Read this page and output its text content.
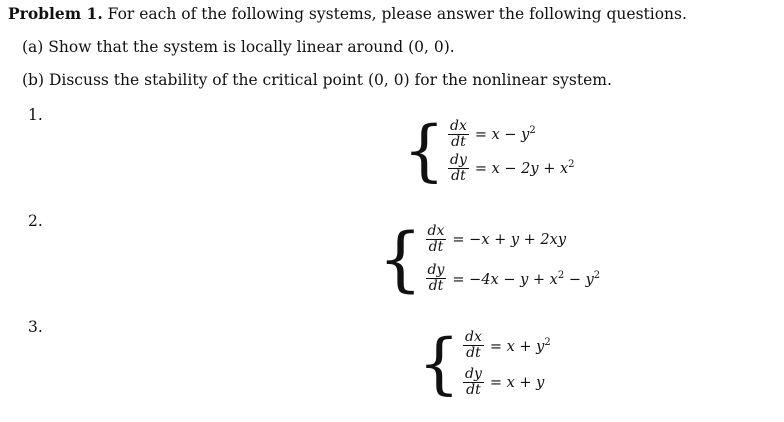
Problem 1. For each of the following systems, please answer the following questions.
(a) Show that the system is locally linear around (0, 0).
(b) Discuss the stability of the critical point (0, 0) for the nonlinear system.
1.	{ $\frac{dx}{dt} = x - y^2$
$\frac{dy}{dt} = x - 2y + x^2$
2.	{ $\frac{dx}{dt} = -x + y + 2xy$
$\frac{dy}{dt} = -4x - y + x^2 - y^2$
3.	{ $\frac{dx}{dt} = x + y^2$
$\frac{dy}{dt} = x + y$
